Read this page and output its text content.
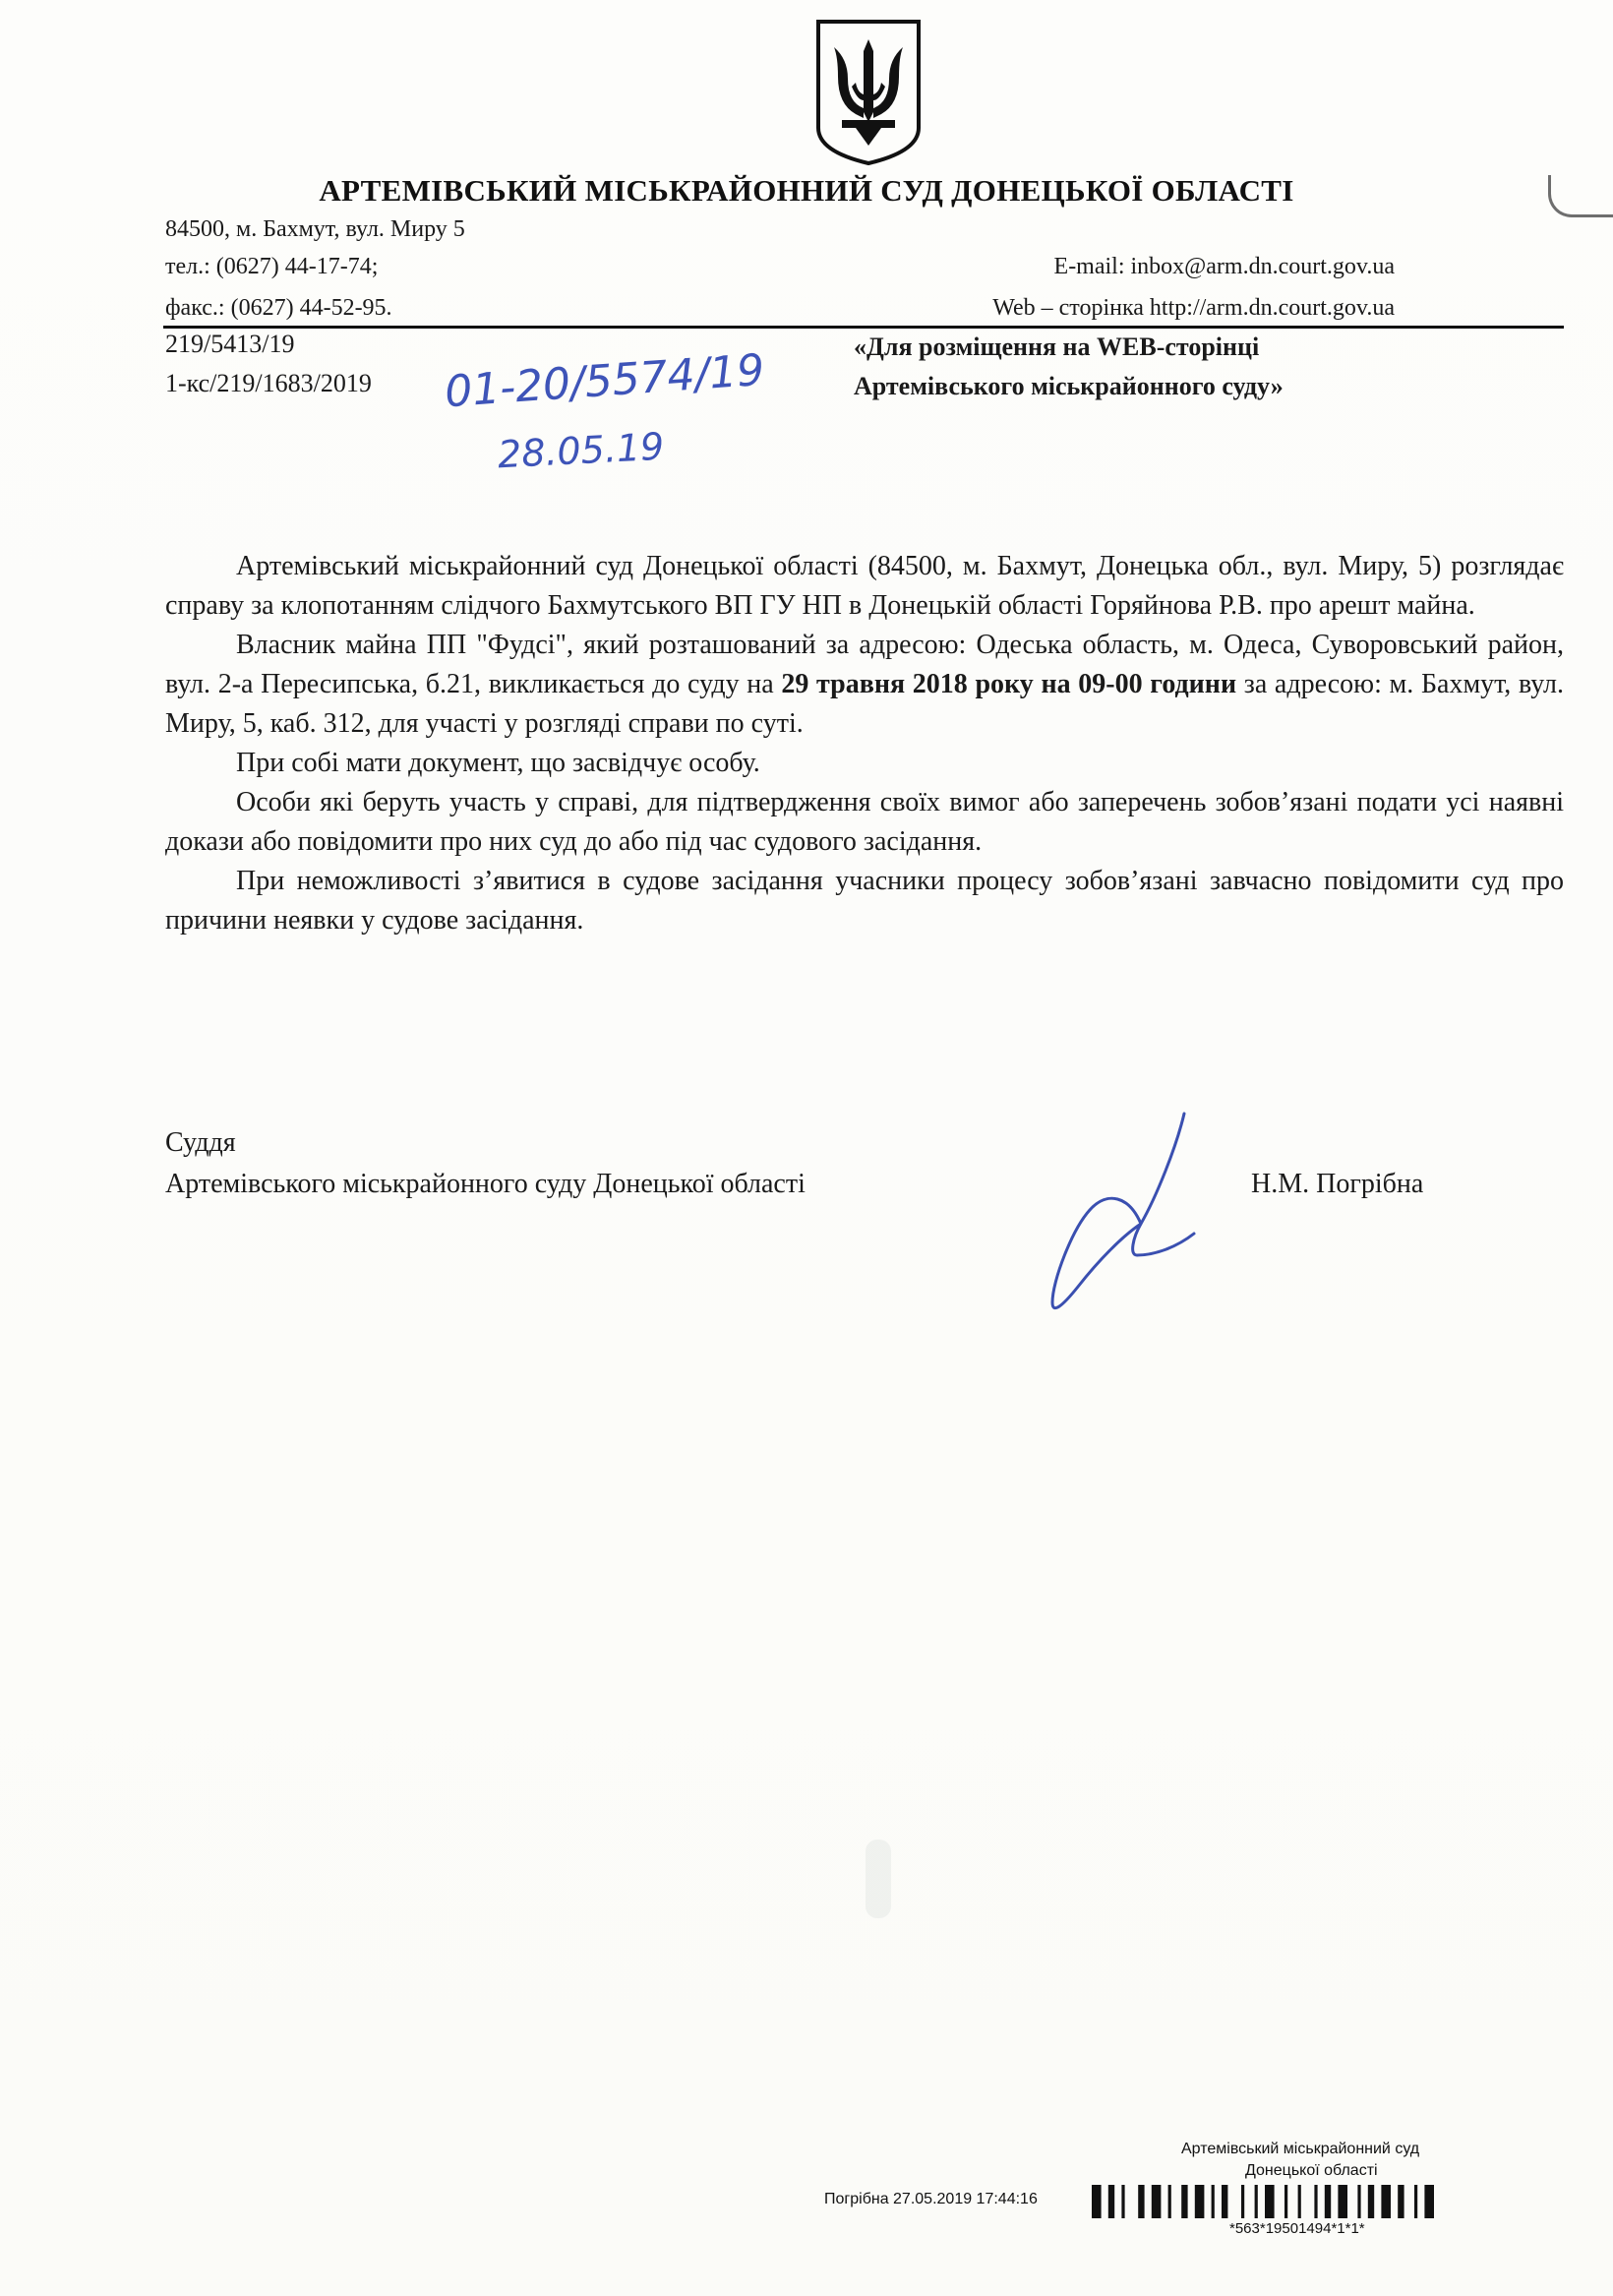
АРТЕМІВСЬКИЙ МІСЬКРАЙОННИЙ СУД ДОНЕЦЬКОЇ ОБЛАСТІ
84500, м. Бахмут, вул. Миру 5
тел.: (0627) 44-17-74;
факс.: (0627) 44-52-95.
E-mail: inbox@arm.dn.court.gov.ua
Web – сторінка http://arm.dn.court.gov.ua
219/5413/19
1-кс/219/1683/2019 01-20/5574/19
28.05.19
«Для розміщення на WEB-сторінці
Артемівського міськрайонного суду»

Артемівський міськрайонний суд Донецької області (84500, м. Бахмут, Донецька обл., вул. Миру, 5) розглядає справу за клопотанням слідчого Бахмутського ВП ГУ НП в Донецькій області Горяйнова Р.В. про арешт майна.

Власник майна ПП "Фудсі", який розташований за адресою: Одеська область, м. Одеса, Суворовський район, вул. 2-а Пересипська, б.21, викликається до суду на 29 травня 2018 року на 09-00 години за адресою: м. Бахмут, вул. Миру, 5, каб. 312, для участі у розгляді справи по суті.

При собі мати документ, що засвідчує особу.

Особи які беруть участь у справі, для підтвердження своїх вимог або заперечень зобов’язані подати усі наявні докази або повідомити про них суд до або під час судового засідання.

При неможливості з’явитися в судове засідання учасники процесу зобов’язані завчасно повідомити суд про причини неявки у судове засідання.

Суддя
Артемівського міськрайонного суду Донецької області	Н.М. Погрібна
Артемівський міськрайонний суд
Донецької області
Погрібна 27.05.2019 17:44:16
*563*19501494*1*1*
